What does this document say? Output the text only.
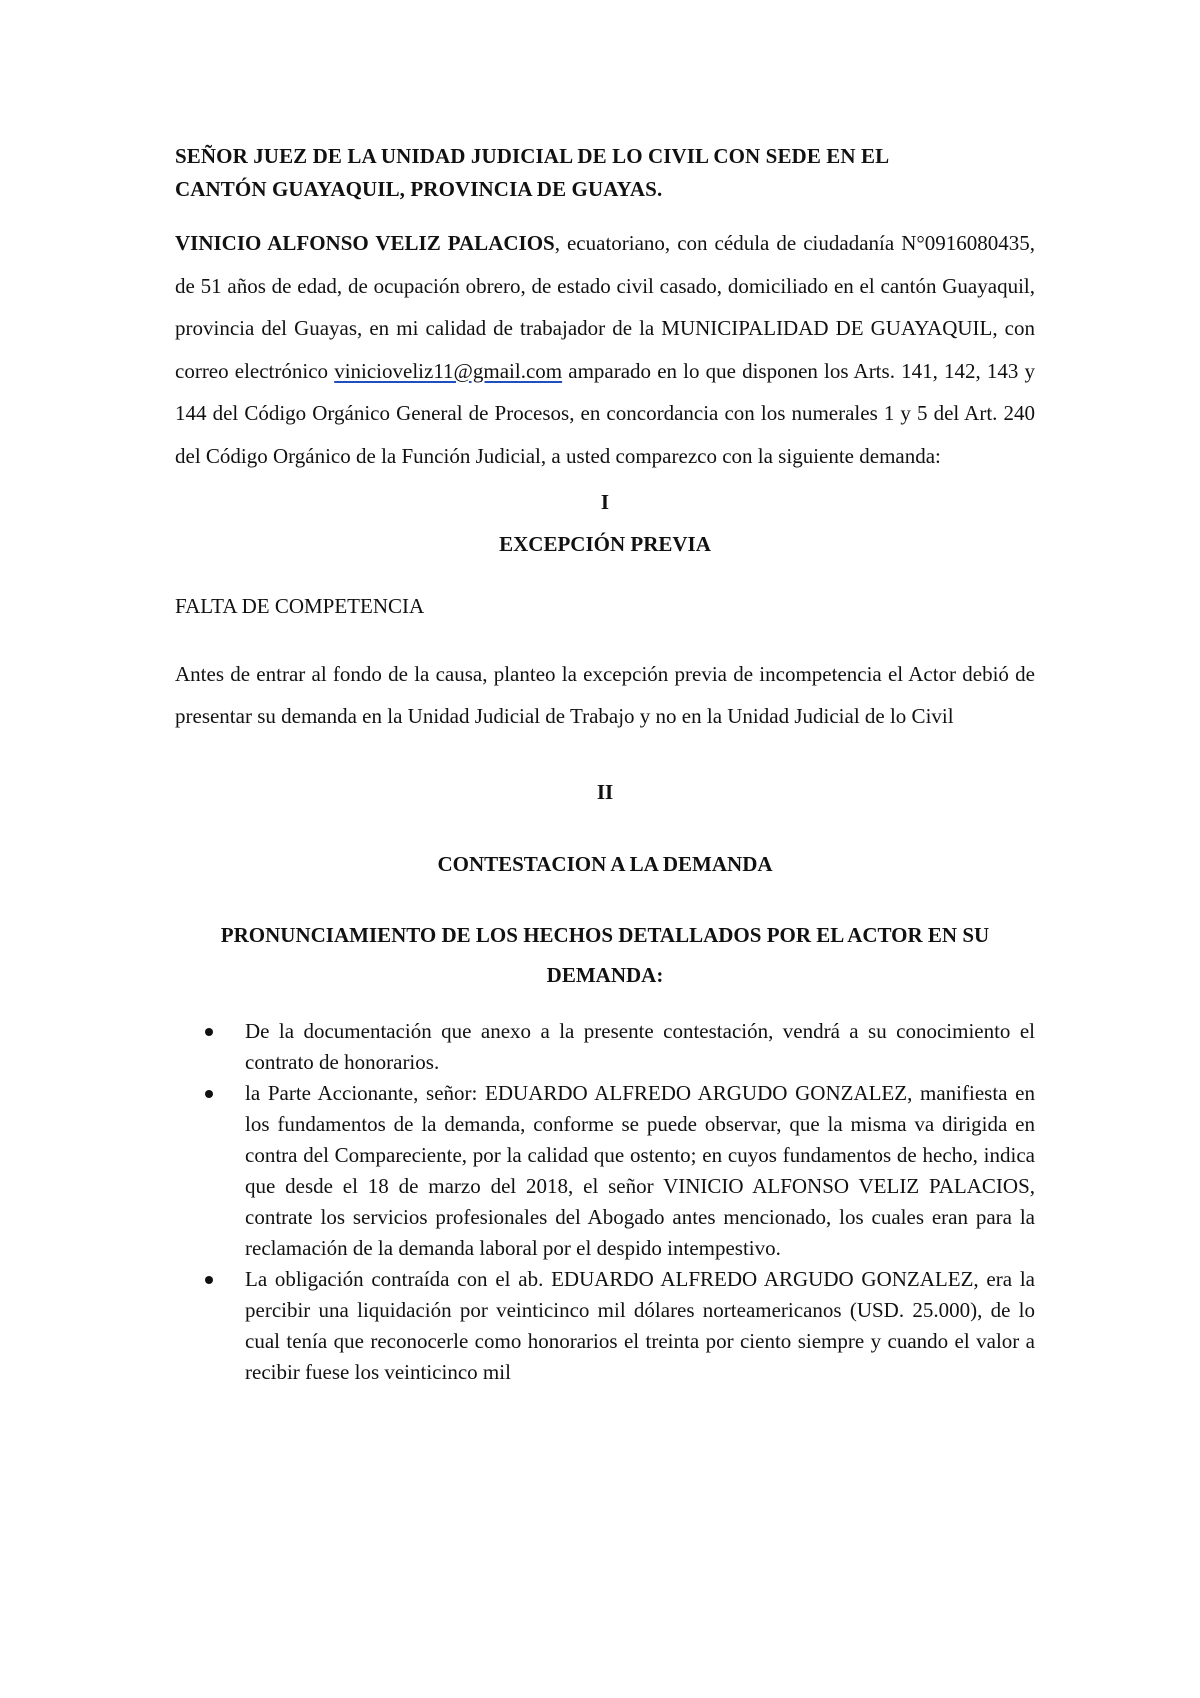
SEÑOR JUEZ DE LA UNIDAD JUDICIAL DE LO CIVIL CON SEDE EN EL
CANTÓN GUAYAQUIL, PROVINCIA DE GUAYAS.

VINICIO ALFONSO VELIZ PALACIOS, ecuatoriano, con cédula de ciudadanía N°0916080435, de 51 años de edad, de ocupación obrero, de estado civil casado, domiciliado en el cantón Guayaquil, provincia del Guayas, en mi calidad de trabajador de la MUNICIPALIDAD DE GUAYAQUIL, con correo electrónico vinicioveliz11@gmail.com amparado en lo que disponen los Arts. 141, 142, 143 y 144 del Código Orgánico General de Procesos, en concordancia con los numerales 1 y 5 del Art. 240 del Código Orgánico de la Función Judicial, a usted comparezco con la siguiente demanda:

I

EXCEPCIÓN PREVIA

FALTA DE COMPETENCIA

Antes de entrar al fondo de la causa, planteo la excepción previa de incompetencia el Actor debió de presentar su demanda en la Unidad Judicial de Trabajo y no en la Unidad Judicial de lo Civil

II

CONTESTACION A LA DEMANDA

PRONUNCIAMIENTO DE LOS HECHOS DETALLADOS POR EL ACTOR EN SU DEMANDA:

De la documentación que anexo a la presente contestación, vendrá a su conocimiento el contrato de honorarios.
la Parte Accionante, señor: EDUARDO ALFREDO ARGUDO GONZALEZ, manifiesta en los fundamentos de la demanda, conforme se puede observar, que la misma va dirigida en contra del Compareciente, por la calidad que ostento; en cuyos fundamentos de hecho, indica que desde el 18 de marzo del 2018, el señor VINICIO ALFONSO VELIZ PALACIOS, contrate los servicios profesionales del Abogado antes mencionado, los cuales eran para la reclamación de la demanda laboral por el despido intempestivo.
La obligación contraída con el ab. EDUARDO ALFREDO ARGUDO GONZALEZ, era la percibir una liquidación por veinticinco mil dólares norteamericanos (USD. 25.000), de lo cual tenía que reconocerle como honorarios el treinta por ciento siempre y cuando el valor a recibir fuese los veinticinco mil
